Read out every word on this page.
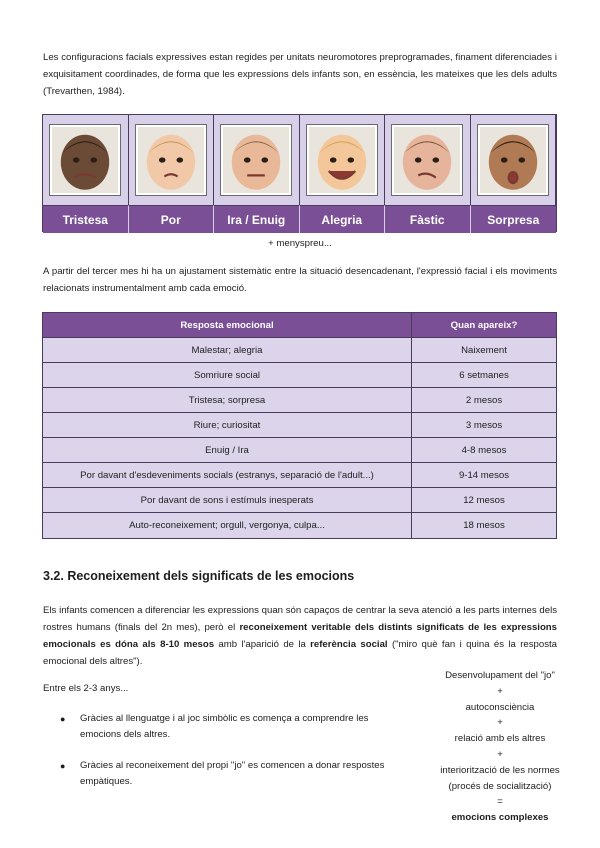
Les configuracions facials expressives estan regides per unitats neuromotores preprogramades, finament diferenciades i exquisitament coordinades, de forma que les expressions dels infants son, en essència, les mateixes que les dels adults (Trevarthen, 1984).

Tristesa	Por	Ira / Enuig	Alegria	Fàstic	Sorpresa
+ menyspreu...

A partir del tercer mes hi ha un ajustament sistemàtic entre la situació desencadenant, l'expressió facial i els moviments relacionats instrumentalment amb cada emoció.

Resposta emocional	Quan apareix?
Malestar; alegria	Naixement
Somriure social	6 setmanes
Tristesa; sorpresa	2 mesos
Riure; curiositat	3 mesos
Enuig / Ira	4-8 mesos
Por davant d'esdeveniments socials (estranys, separació de l'adult...)	9-14 mesos
Por davant de sons i estímuls inesperats	12 mesos
Auto-reconeixement; orgull, vergonya, culpa...	18 mesos
3.2. Reconeixement dels significats de les emocions

Els infants comencen a diferenciar les expressions quan són capaços de centrar la seva atenció a les parts internes dels rostres humans (finals del 2n mes), però el reconeixement veritable dels distints significats de les expressions emocionals es dóna als 8-10 mesos amb l'aparició de la referència social ("miro què fan i quina és la resposta emocional dels altres").

Entre els 2-3 anys...

●	Gràcies al llenguatge i al joc simbòlic es comença a comprendre les emocions dels altres.
●	Gràcies al reconeixement del propi "jo" es comencen a donar respostes empàtiques.
Desenvolupament del "jo"
+
autoconsciència
+
relació amb els altres
+
interiorització de les normes
(procés de socialització)
=
emocions complexes
